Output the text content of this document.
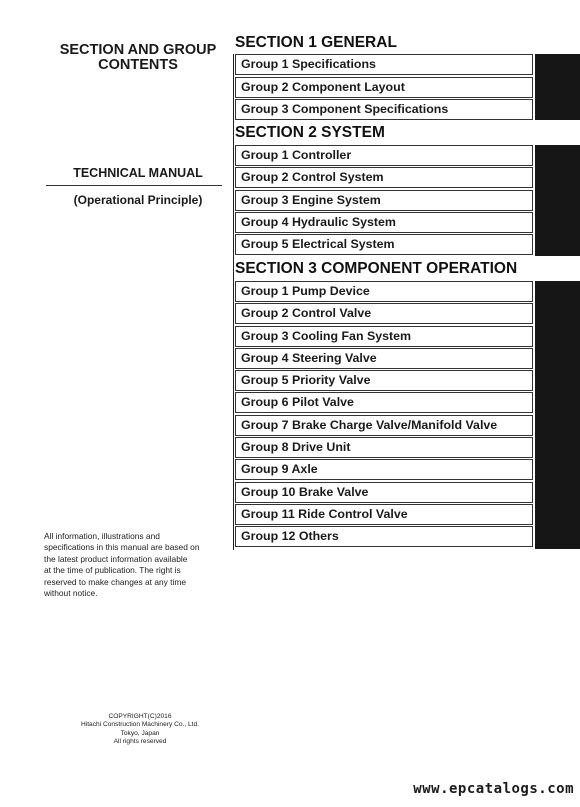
SECTION AND GROUP
CONTENTS
TECHNICAL MANUAL
(Operational Principle)
All information, illustrations and
specifications in this manual are based on
the latest product information available
at the time of publication. The right is
reserved to make changes at any time
without notice.
COPYRIGHT(C)2016
Hitachi Construction Machinery Co., Ltd.
Tokyo, Japan
All rights reserved
SECTION 1 GENERAL
Group 1 Specifications
Group 2 Component Layout
Group 3 Component Specifications
SECTION 2 SYSTEM
Group 1 Controller
Group 2 Control System
Group 3 Engine System
Group 4 Hydraulic System
Group 5 Electrical System
SECTION 3 COMPONENT OPERATION
Group 1 Pump Device
Group 2 Control Valve
Group 3 Cooling Fan System
Group 4 Steering Valve
Group 5 Priority Valve
Group 6 Pilot Valve
Group 7 Brake Charge Valve/Manifold Valve
Group 8 Drive Unit
Group 9 Axle
Group 10 Brake Valve
Group 11 Ride Control Valve
Group 12 Others
www.epcatalogs.com
